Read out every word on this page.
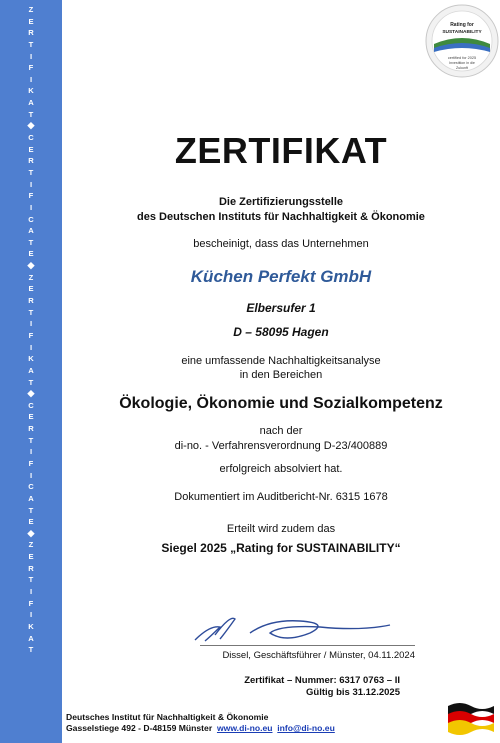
Z
E
R
T
I
F
I
K
A
T
◆
C
E
R
T
I
F
I
C
A
T
E
◆
Z
E
R
T
I
F
I
K
A
T
◆
C
E
R
T
I
F
I
C
A
T
E
◆
Z
E
R
T
I
F
I
K
A
T
Rating for
SUSTAINABILITY
certified for 2025
Investition in die
Zukunft
ZERTIFIKAT
Die Zertifizierungsstelle
des Deutschen Instituts für Nachhaltigkeit & Ökonomie
bescheinigt, dass das Unternehmen
Küchen Perfekt GmbH
Elbersufer 1
D – 58095 Hagen
eine umfassende Nachhaltigkeitsanalyse
in den Bereichen
Ökologie, Ökonomie und Sozialkompetenz
nach der
di-no. - Verfahrensverordnung D-23/400889
erfolgreich absolviert hat.
Dokumentiert im Auditbericht-Nr. 6315 1678
Erteilt wird zudem das
Siegel 2025 „Rating for SUSTAINABILITY“
Dissel, Geschäftsführer / Münster, 04.11.2024
Zertifikat – Nummer: 6317 0763 – II
Gültig bis 31.12.2025
Deutsches Institut für Nachhaltigkeit & Ökonomie
Gasselstiege 492 - D-48159 Münster www.di-no.eu info@di-no.eu
